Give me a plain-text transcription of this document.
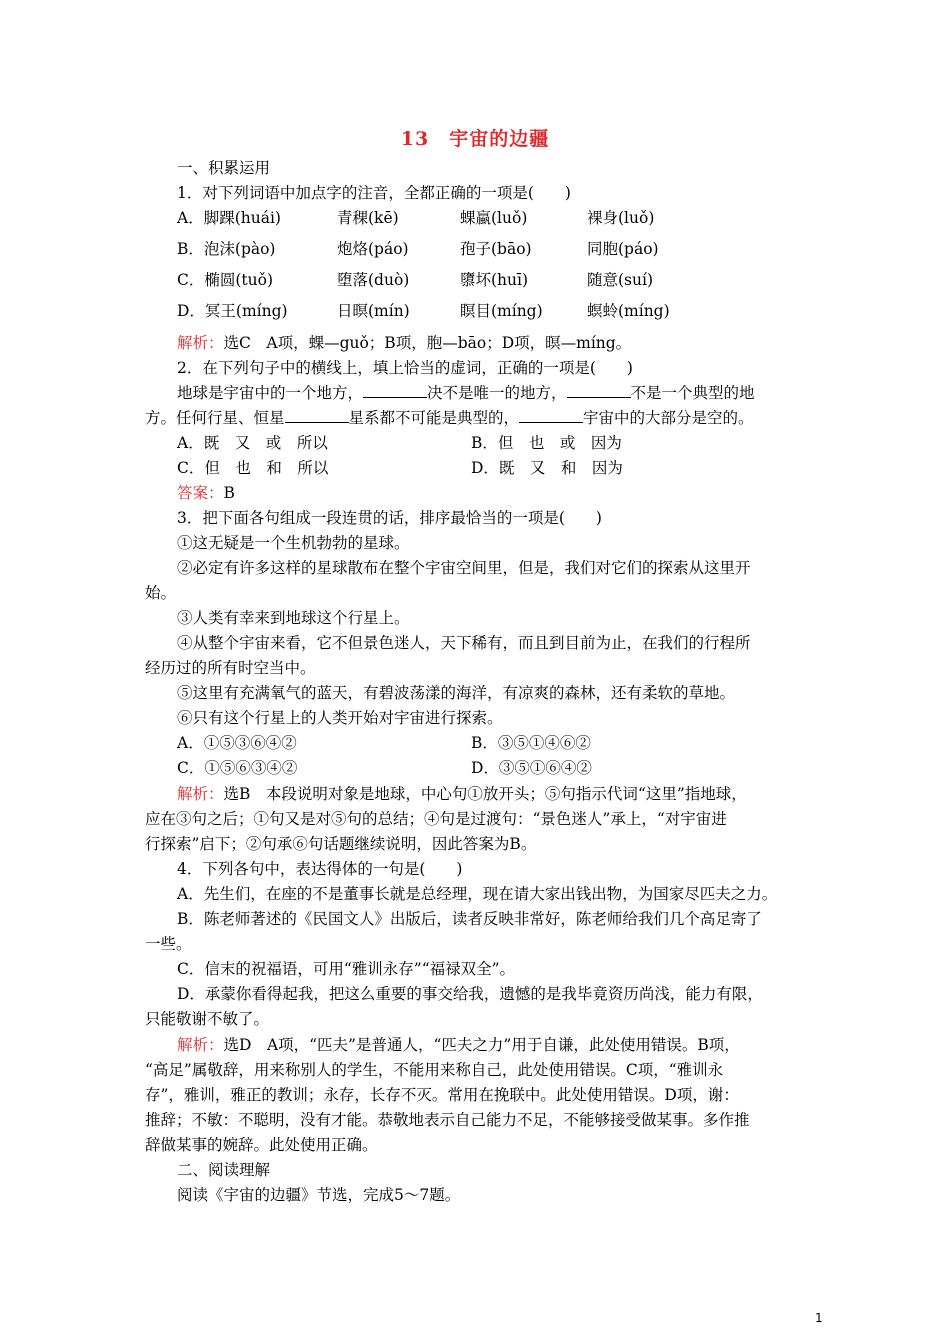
13　宇宙的边疆
一、积累运用
1．对下列词语中加点字的注音，全都正确的一项是(　　)
A．脚踝(huái)	青稞(kē)	蜾蠃(luǒ)	裸身(luǒ)
B．泡沫(pào)	炮烙(páo)	孢子(bāo)	同胞(páo)
C．椭圆(tuǒ)	堕落(duò)	隳坏(huī)	随意(suí)
D．冥王(míng)	日暝(mín)	瞑目(míng)	螟蛉(míng)
解析：选C　A项，蜾—guǒ；B项，胞—bāo；D项，暝—míng。
2．在下列句子中的横线上，填上恰当的虚词，正确的一项是(　　)
地球是宇宙中的一个地方，	决不是唯一的地方，	不是一个典型的地
方。任何行星、恒星	星系都不可能是典型的，	宇宙中的大部分是空的。
A．既　又　或　所以	B．但　也　或　因为
C．但　也　和　所以	D．既　又　和　因为
答案：B
3．把下面各句组成一段连贯的话，排序最恰当的一项是(　　)
①这无疑是一个生机勃勃的星球。
②必定有许多这样的星球散布在整个宇宙空间里，但是，我们对它们的探索从这里开
始。
③人类有幸来到地球这个行星上。
④从整个宇宙来看，它不但景色迷人，天下稀有，而且到目前为止，在我们的行程所
经历过的所有时空当中。
⑤这里有充满氧气的蓝天，有碧波荡漾的海洋，有凉爽的森林，还有柔软的草地。
⑥只有这个行星上的人类开始对宇宙进行探索。
A．①⑤③⑥④②	B．③⑤①④⑥②
C．①⑤⑥③④②	D．③⑤①⑥④②
解析：选B　本段说明对象是地球，中心句①放开头；⑤句指示代词“这里”指地球，
应在③句之后；①句又是对⑤句的总结；④句是过渡句：“景色迷人”承上，“对宇宙进
行探索”启下；②句承⑥句话题继续说明，因此答案为B。
4．下列各句中，表达得体的一句是(　　)
A．先生们，在座的不是董事长就是总经理，现在请大家出钱出物，为国家尽匹夫之力。
B．陈老师著述的《民国文人》出版后，读者反映非常好，陈老师给我们几个高足寄了
一些。
C．信末的祝福语，可用“雅训永存”“福禄双全”。
D．承蒙你看得起我，把这么重要的事交给我，遗憾的是我毕竟资历尚浅，能力有限，
只能敬谢不敏了。
解析：选D　A项，“匹夫”是普通人，“匹夫之力”用于自谦，此处使用错误。B项，
“高足”属敬辞，用来称别人的学生，不能用来称自己，此处使用错误。C项，“雅训永
存”，雅训，雅正的教训；永存，长存不灭。常用在挽联中。此处使用错误。D项，谢：
推辞；不敏：不聪明，没有才能。恭敬地表示自己能力不足，不能够接受做某事。多作推
辞做某事的婉辞。此处使用正确。
二、阅读理解
阅读《宇宙的边疆》节选，完成5～7题。
1
